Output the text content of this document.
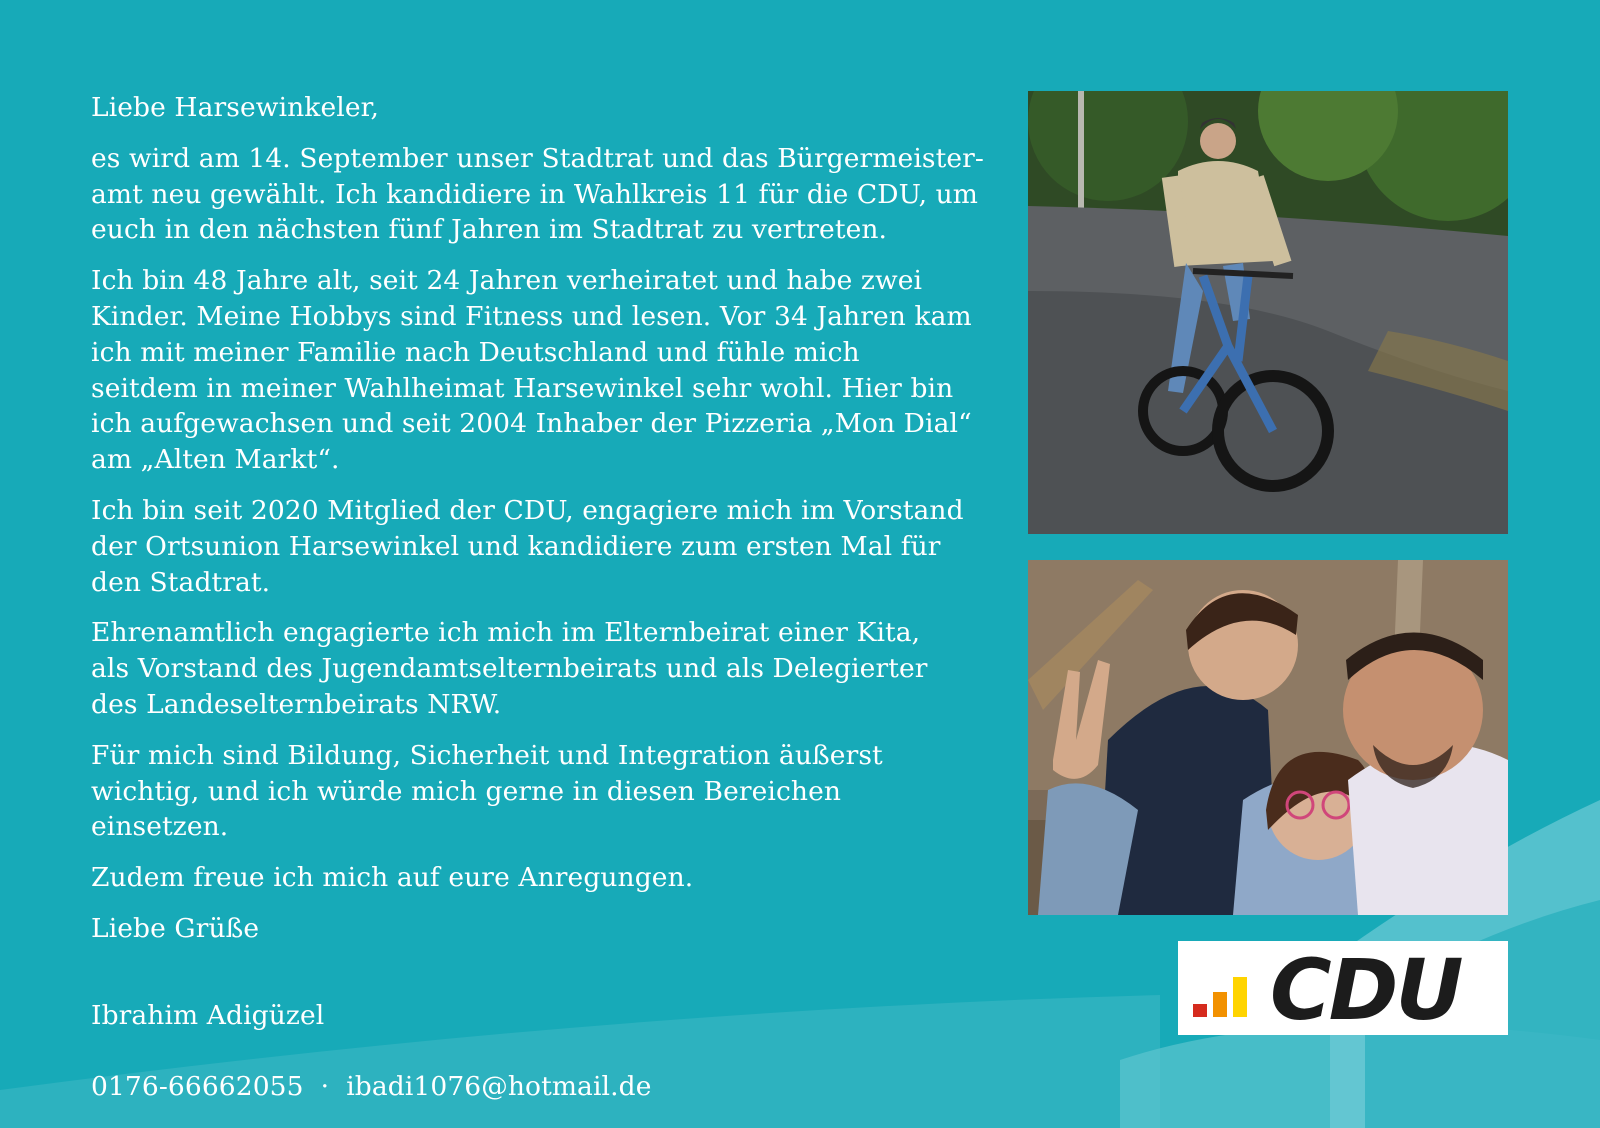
Liebe Harsewinkeler,

es wird am 14. September unser Stadtrat und das Bürgermeister-
amt neu gewählt. Ich kandidiere in Wahlkreis 11 für die CDU, um
euch in den nächsten fünf Jahren im Stadtrat zu vertreten.

Ich bin 48 Jahre alt, seit 24 Jahren verheiratet und habe zwei
Kinder. Meine Hobbys sind Fitness und lesen. Vor 34 Jahren kam
ich mit meiner Familie nach Deutschland und fühle mich
seitdem in meiner Wahlheimat Harsewinkel sehr wohl. Hier bin
ich aufgewachsen und seit 2004 Inhaber der Pizzeria „Mon Dial“
am „Alten Markt“.

Ich bin seit 2020 Mitglied der CDU, engagiere mich im Vorstand
der Ortsunion Harsewinkel und kandidiere zum ersten Mal für
den Stadtrat.

Ehrenamtlich engagierte ich mich im Elternbeirat einer Kita,
als Vorstand des Jugendamtselternbeirats und als Delegierter
des Landeselternbeirats NRW.

Für mich sind Bildung, Sicherheit und Integration äußerst
wichtig, und ich würde mich gerne in diesen Bereichen
einsetzen.

Zudem freue ich mich auf eure Anregungen.

Liebe Grüße

Ibrahim Adigüzel

0176-66662055 · ibadi1076@hotmail.de

CDU
